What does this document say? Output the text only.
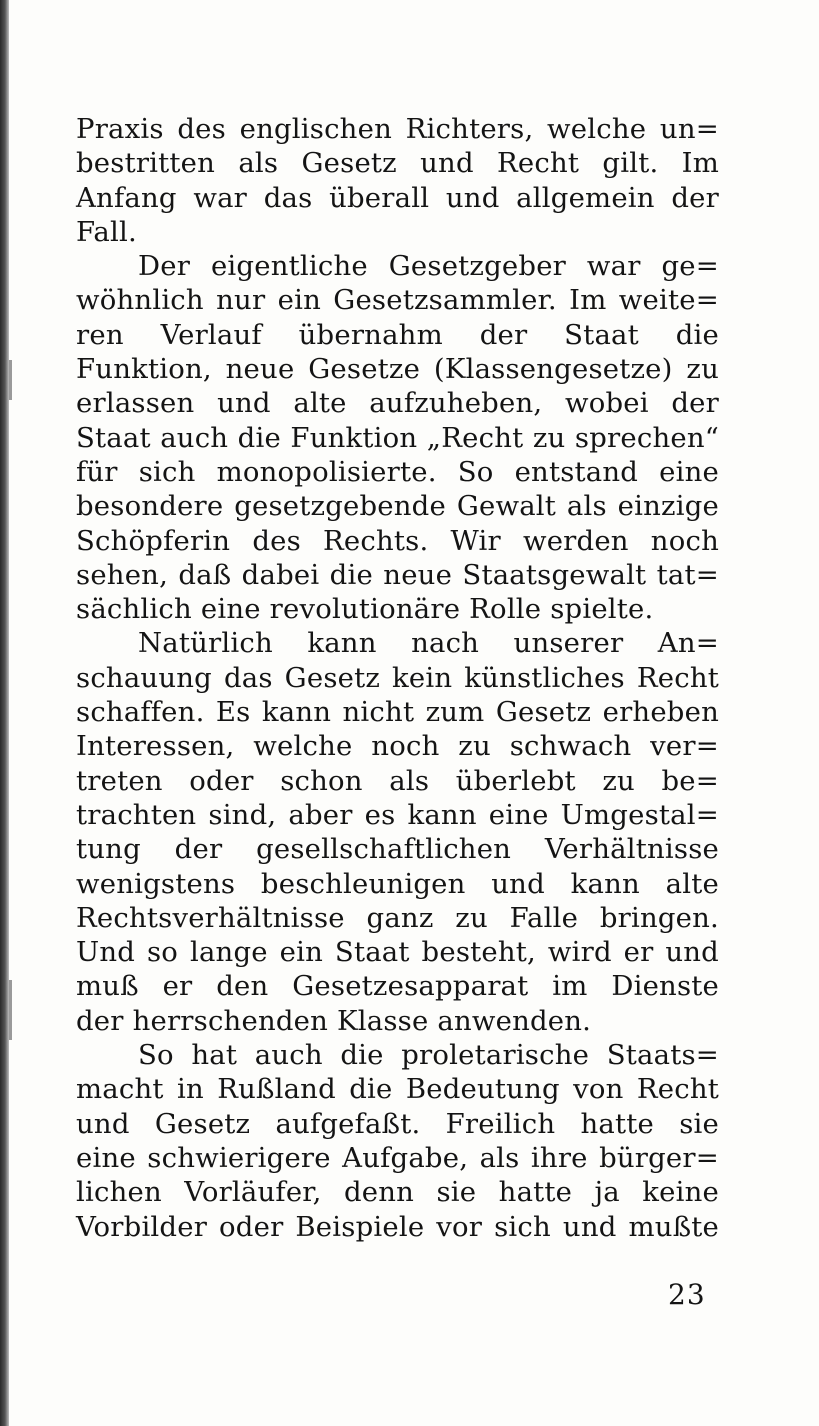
Praxis des englischen Richters, welche un=
bestritten als Gesetz und Recht gilt. Im
Anfang war das überall und allgemein der
Fall.
Der eigentliche Gesetzgeber war ge=
wöhnlich nur ein Gesetzsammler. Im weite=
ren Verlauf übernahm der Staat die
Funktion, neue Gesetze (Klassengesetze) zu
erlassen und alte aufzuheben, wobei der
Staat auch die Funktion „Recht zu sprechen“
für sich monopolisierte. So entstand eine
besondere gesetzgebende Gewalt als einzige
Schöpferin des Rechts. Wir werden noch
sehen, daß dabei die neue Staatsgewalt tat=
sächlich eine revolutionäre Rolle spielte.
Natürlich kann nach unserer An=
schauung das Gesetz kein künstliches Recht
schaffen. Es kann nicht zum Gesetz erheben
Interessen, welche noch zu schwach ver=
treten oder schon als überlebt zu be=
trachten sind, aber es kann eine Umgestal=
tung der gesellschaftlichen Verhältnisse
wenigstens beschleunigen und kann alte
Rechtsverhältnisse ganz zu Falle bringen.
Und so lange ein Staat besteht, wird er und
muß er den Gesetzesapparat im Dienste
der herrschenden Klasse anwenden.
So hat auch die proletarische Staats=
macht in Rußland die Bedeutung von Recht
und Gesetz aufgefaßt. Freilich hatte sie
eine schwierigere Aufgabe, als ihre bürger=
lichen Vorläufer, denn sie hatte ja keine
Vorbilder oder Beispiele vor sich und mußte
23
